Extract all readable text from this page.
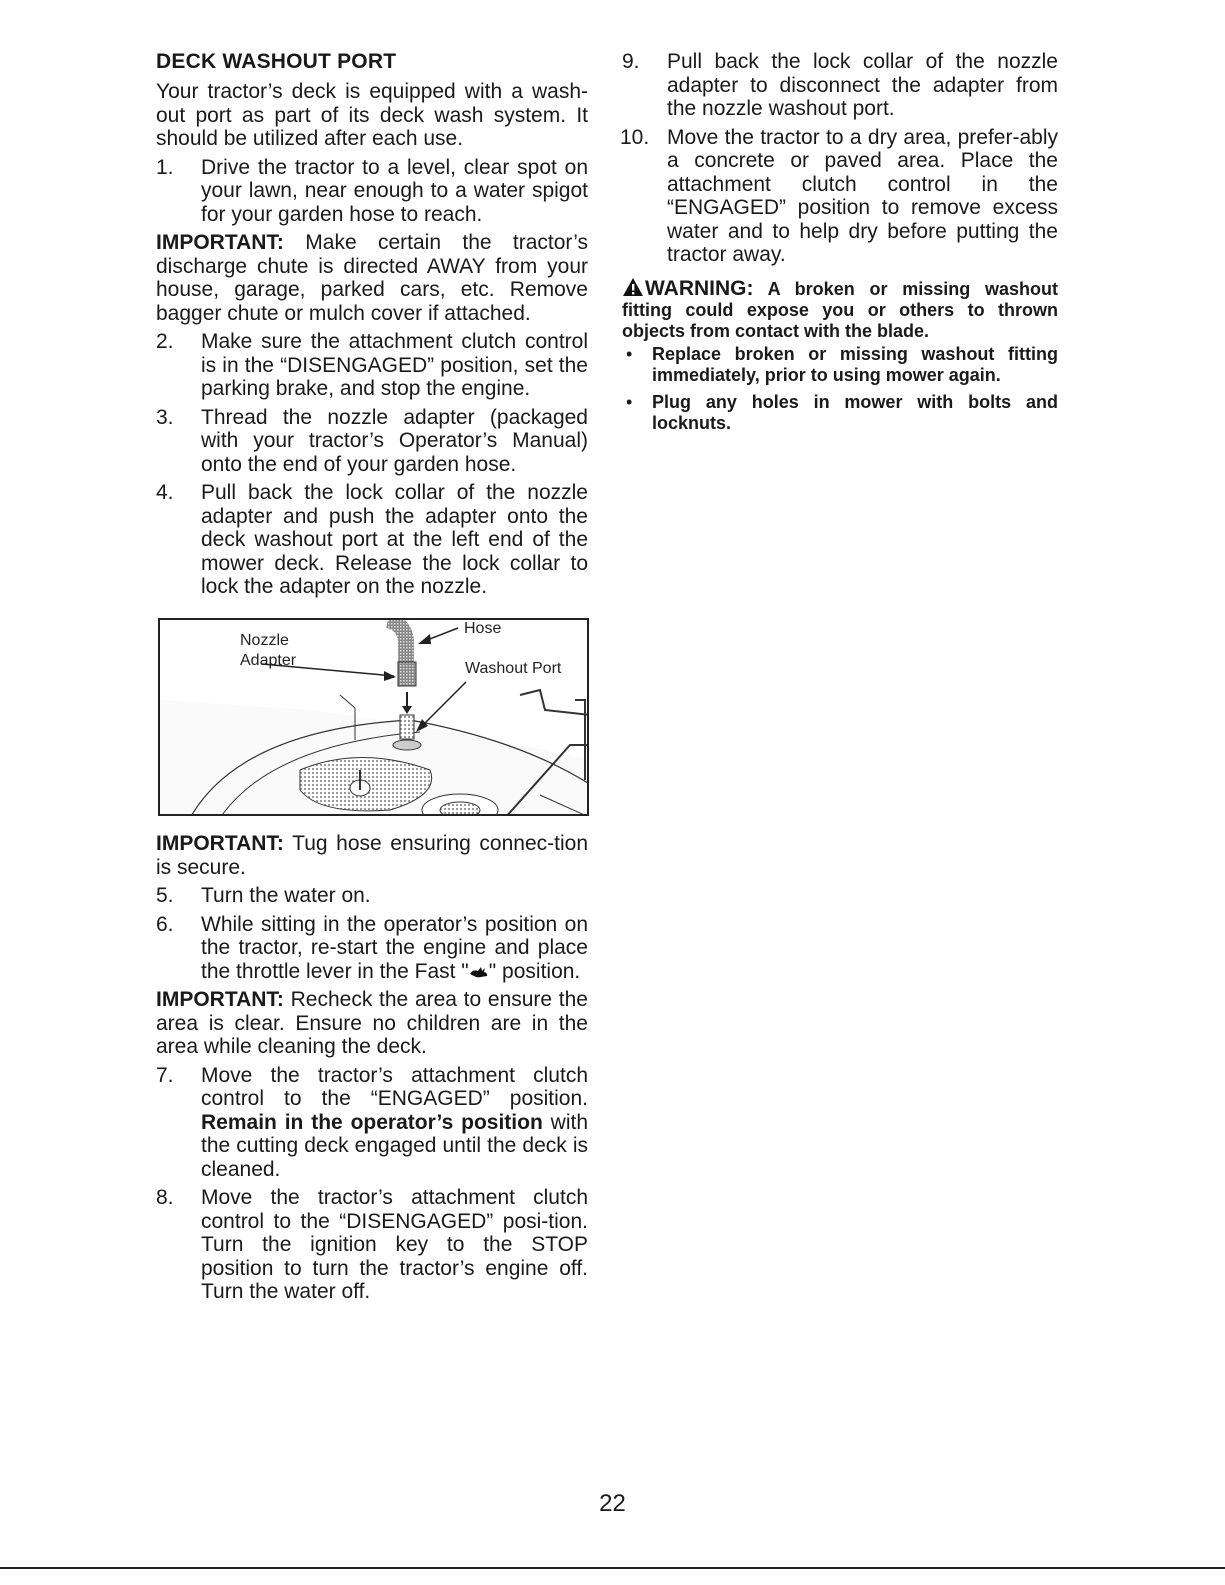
DECK WASHOUT PORT

Your tractor’s deck is equipped with a wash-out port as part of its deck wash system. It should be utilized after each use.

1. Drive the tractor to a level, clear spot on your lawn, near enough to a water spigot for your garden hose to reach.

IMPORTANT: Make certain the tractor’s discharge chute is directed AWAY from your house, garage, parked cars, etc. Remove bagger chute or mulch cover if attached.

2. Make sure the attachment clutch control is in the “DISENGAGED” position, set the parking brake, and stop the engine.
3. Thread the nozzle adapter (packaged with your tractor’s Operator’s Manual) onto the end of your garden hose.
4. Pull back the lock collar of the nozzle adapter and push the adapter onto the deck washout port at the left end of the mower deck. Release the lock collar to lock the adapter on the nozzle.
Nozzle
Adapter
Hose
Washout Port

IMPORTANT: Tug hose ensuring connec-tion is secure.

5. Turn the water on.
6. While sitting in the operator’s position on the tractor, re-start the engine and place the throttle lever in the Fast " " position.

IMPORTANT: Recheck the area to ensure the area is clear. Ensure no children are in the area while cleaning the deck.

7. Move the tractor’s attachment clutch control to the “ENGAGED” position. Remain in the operator’s position with the cutting deck engaged until the deck is cleaned.
8. Move the tractor’s attachment clutch control to the “DISENGAGED” posi-tion. Turn the ignition key to the STOP position to turn the tractor’s engine off. Turn the water off.
9. Pull back the lock collar of the nozzle adapter to disconnect the adapter from the nozzle washout port.
10. Move the tractor to a dry area, prefer-ably a concrete or paved area. Place the attachment clutch control in the “ENGAGED” position to remove excess water and to help dry before putting the tractor away.

WARNING: A broken or missing washout fitting could expose you or others to thrown objects from contact with the blade.

• Replace broken or missing washout fitting immediately, prior to using mower again.
• Plug any holes in mower with bolts and locknuts.
22
